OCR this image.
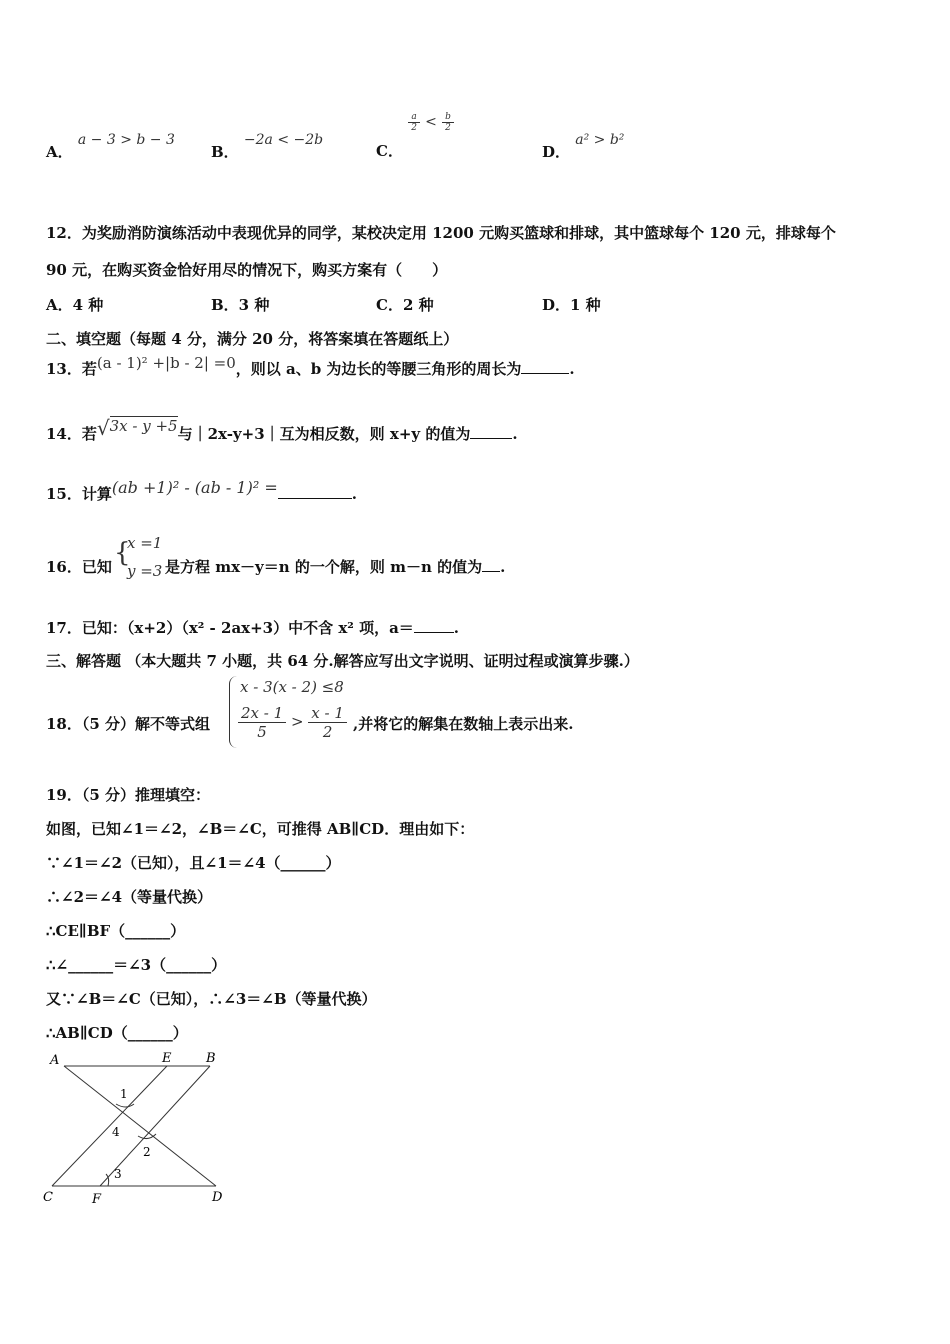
A． a − 3 > b − 3
B． −2a < −2b
C．
$\frac{a}{2} < \frac{b}{2}$
D． a² > b²
12．为奖励消防演练活动中表现优异的同学，某校决定用 1200 元购买篮球和排球，其中篮球每个 120 元，排球每个
90 元，在购买资金恰好用尽的情况下，购买方案有（　　）
A．4 种	B．3 种	C．2 种	D．1 种
二、填空题（每题 4 分，满分 20 分，将答案填在答题纸上）
13．若(a - 1)² +|b - 2| =0，则以 a、b 为边长的等腰三角形的周长为	.
14．若√3x - y +5与｜2x-y+3｜互为相反数，则 x+y 的值为	.
15．计算(ab +1)² - (ab - 1)² =	.
16．已知 {
x =1
y =3 是方程 mx－y＝n 的一个解，则 m－n 的值为 .
17．已知：（x+2）（x² - 2ax+3）中不含 x² 项，a＝	.
三、解答题 （本大题共 7 小题，共 64 分.解答应写出文字说明、证明过程或演算步骤.）
18．（5 分）解不等式组
x - 3(x - 2) ≤8
$\frac{2x - 1}{5} > \frac{x - 1}{2}$ ,并将它的解集在数轴上表示出来.
19．（5 分）推理填空：
如图，已知∠1＝∠2，∠B＝∠C，可推得 AB∥CD．理由如下：
∵∠1＝∠2（已知），且∠1＝∠4（______）
∴∠2＝∠4（等量代换）
∴CE∥BF（______）
∴∠______＝∠3（______）
又∵∠B＝∠C（已知），∴∠3＝∠B（等量代换）
∴AB∥CD（______）
A	E	B
C	F	D
1
4
2
3
